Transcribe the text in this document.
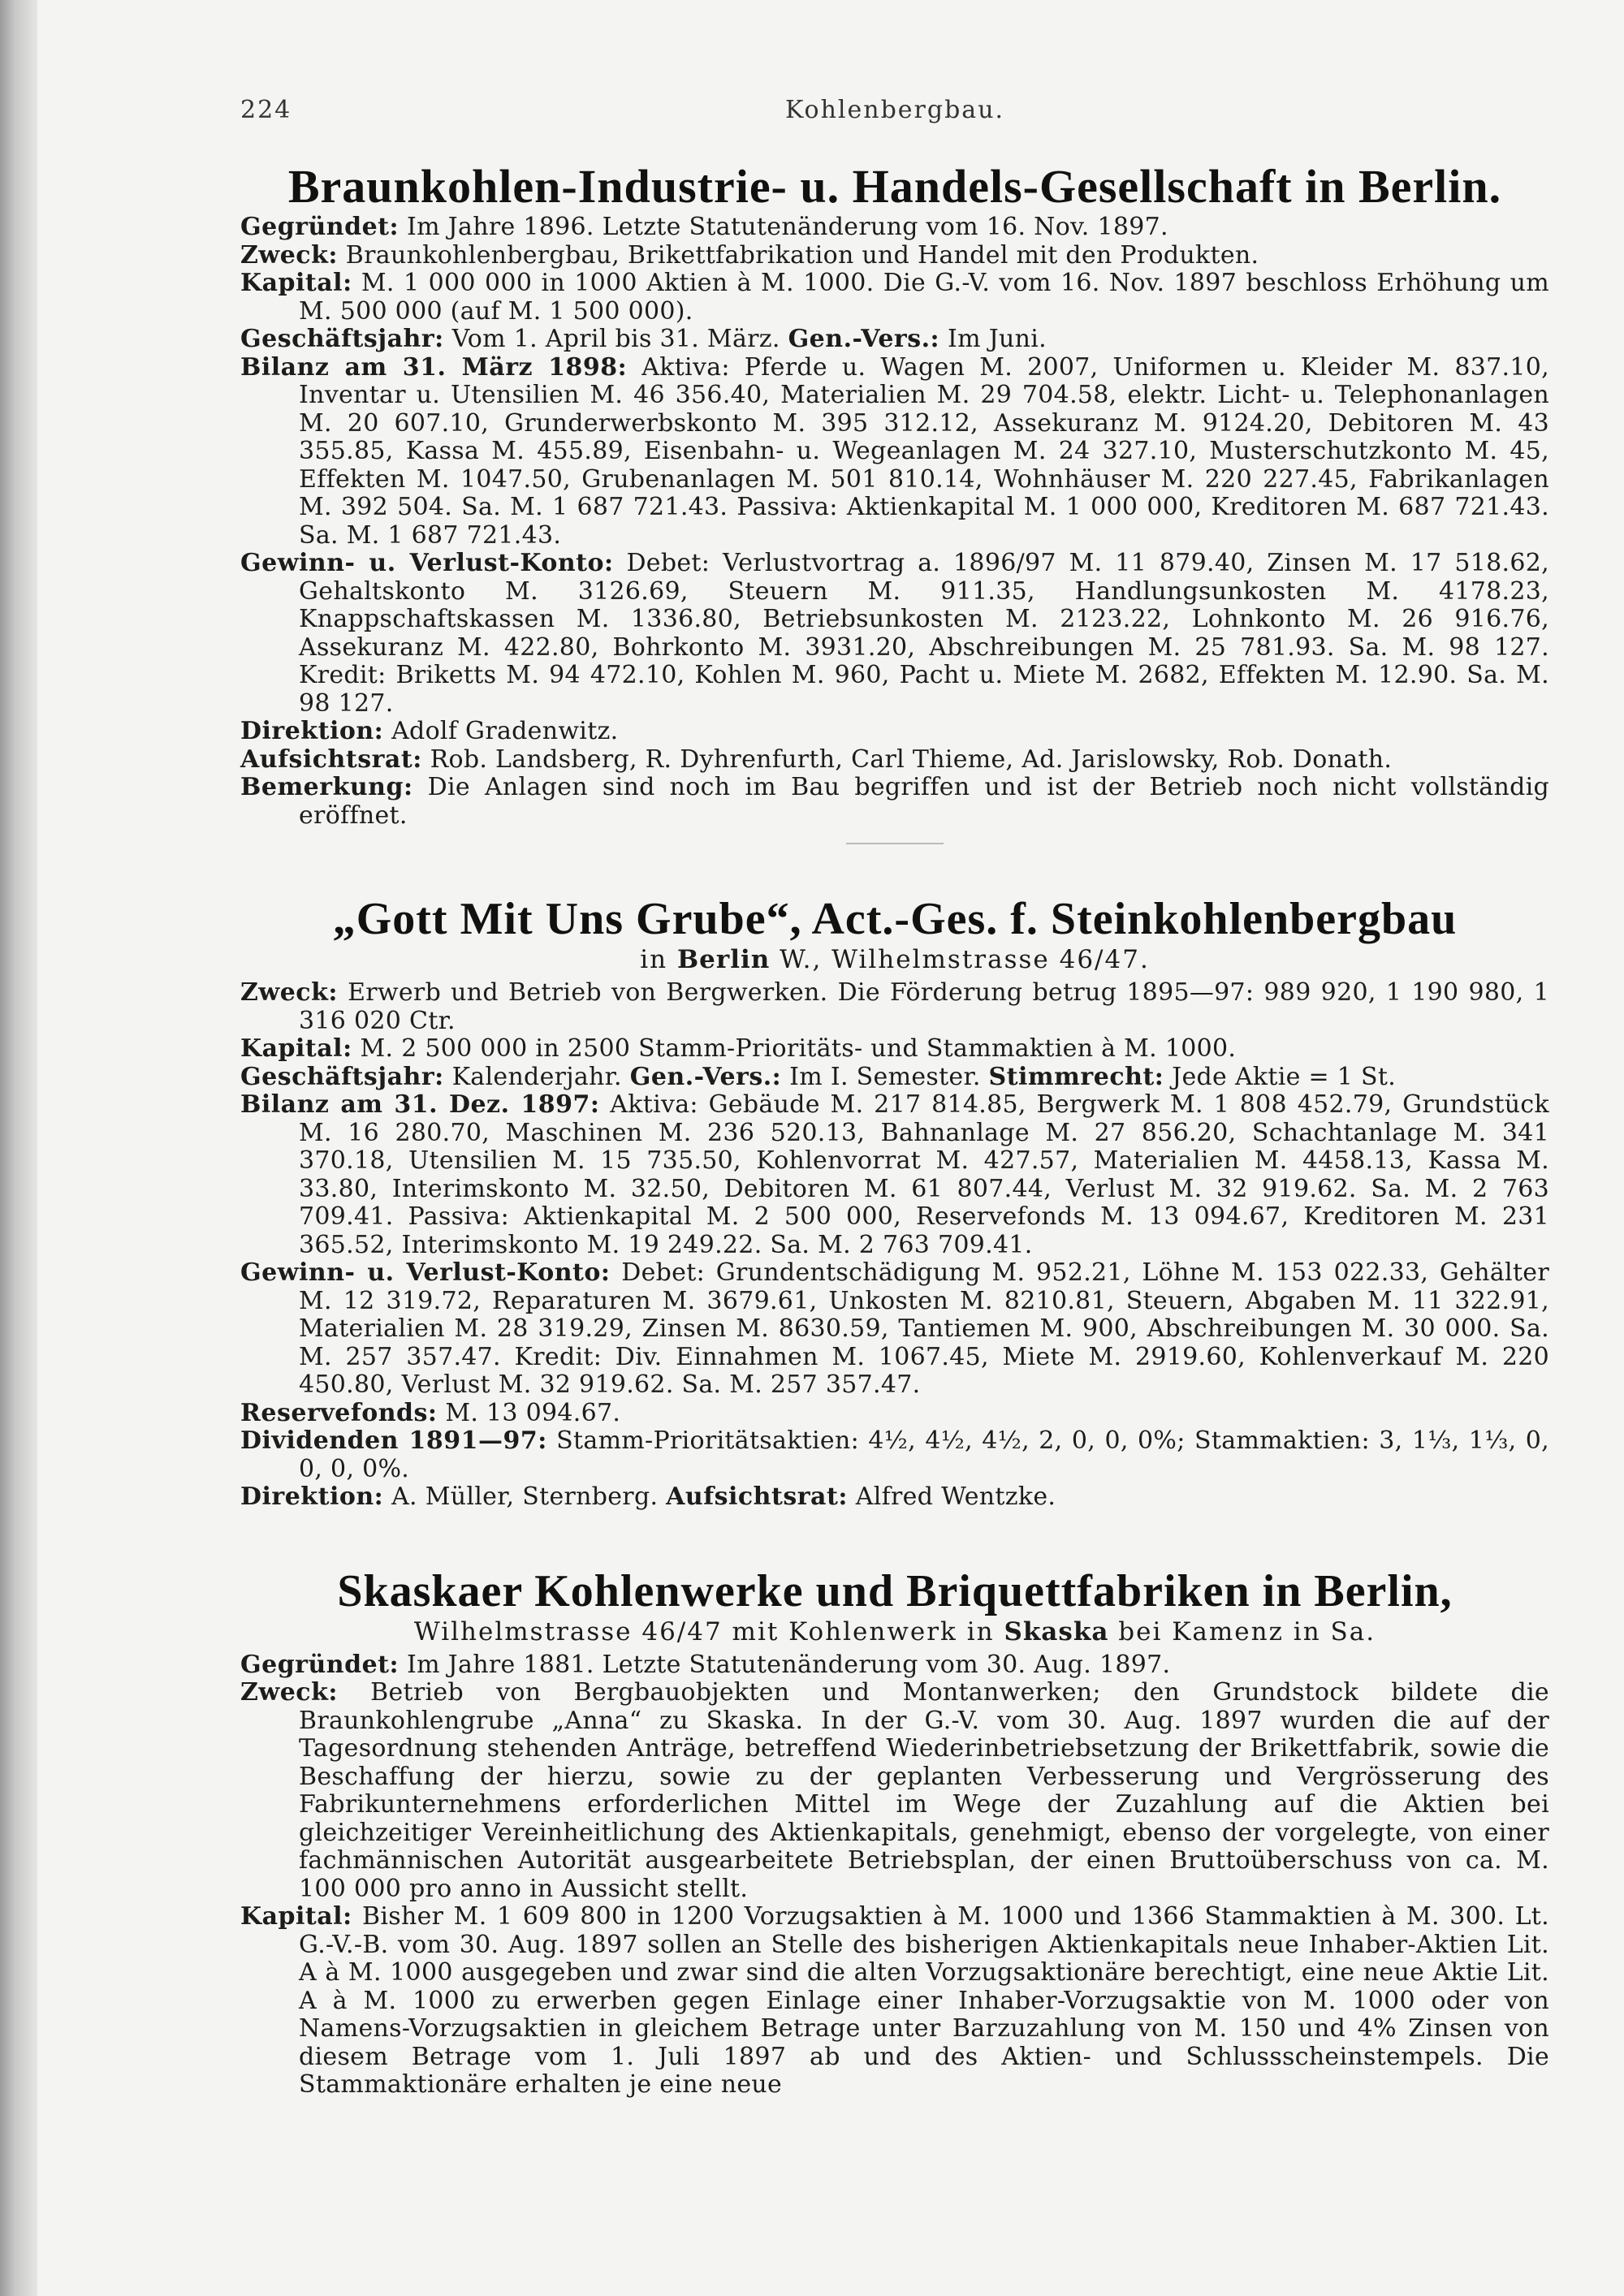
224	Kohlenbergbau.
Braunkohlen-Industrie- u. Handels-Gesellschaft in Berlin.

Gegründet: Im Jahre 1896. Letzte Statutenänderung vom 16. Nov. 1897.

Zweck: Braunkohlenbergbau, Brikettfabrikation und Handel mit den Produkten.

Kapital: M. 1 000 000 in 1000 Aktien à M. 1000. Die G.-V. vom 16. Nov. 1897 beschloss Erhöhung um M. 500 000 (auf M. 1 500 000).

Geschäftsjahr: Vom 1. April bis 31. März. Gen.-Vers.: Im Juni.

Bilanz am 31. März 1898: Aktiva: Pferde u. Wagen M. 2007, Uniformen u. Kleider M. 837.10, Inventar u. Utensilien M. 46 356.40, Materialien M. 29 704.58, elektr. Licht- u. Telephonanlagen M. 20 607.10, Grunderwerbskonto M. 395 312.12, Assekuranz M. 9124.20, Debitoren M. 43 355.85, Kassa M. 455.89, Eisenbahn- u. Wegeanlagen M. 24 327.10, Musterschutzkonto M. 45, Effekten M. 1047.50, Grubenanlagen M. 501 810.14, Wohnhäuser M. 220 227.45, Fabrikanlagen M. 392 504. Sa. M. 1 687 721.43. Passiva: Aktienkapital M. 1 000 000, Kreditoren M. 687 721.43. Sa. M. 1 687 721.43.

Gewinn- u. Verlust-Konto: Debet: Verlustvortrag a. 1896/97 M. 11 879.40, Zinsen M. 17 518.62, Gehaltskonto M. 3126.69, Steuern M. 911.35, Handlungsunkosten M. 4178.23, Knappschaftskassen M. 1336.80, Betriebsunkosten M. 2123.22, Lohnkonto M. 26 916.76, Assekuranz M. 422.80, Bohrkonto M. 3931.20, Abschreibungen M. 25 781.93. Sa. M. 98 127. Kredit: Briketts M. 94 472.10, Kohlen M. 960, Pacht u. Miete M. 2682, Effekten M. 12.90. Sa. M. 98 127.

Direktion: Adolf Gradenwitz.

Aufsichtsrat: Rob. Landsberg, R. Dyhrenfurth, Carl Thieme, Ad. Jarislowsky, Rob. Donath.

Bemerkung: Die Anlagen sind noch im Bau begriffen und ist der Betrieb noch nicht vollständig eröffnet.

„Gott Mit Uns Grube“, Act.-Ges. f. Steinkohlenbergbau

in Berlin W., Wilhelmstrasse 46/47.

Zweck: Erwerb und Betrieb von Bergwerken. Die Förderung betrug 1895—97: 989 920, 1 190 980, 1 316 020 Ctr.

Kapital: M. 2 500 000 in 2500 Stamm-Prioritäts- und Stammaktien à M. 1000.

Geschäftsjahr: Kalenderjahr. Gen.-Vers.: Im I. Semester. Stimmrecht: Jede Aktie = 1 St.

Bilanz am 31. Dez. 1897: Aktiva: Gebäude M. 217 814.85, Bergwerk M. 1 808 452.79, Grundstück M. 16 280.70, Maschinen M. 236 520.13, Bahnanlage M. 27 856.20, Schachtanlage M. 341 370.18, Utensilien M. 15 735.50, Kohlenvorrat M. 427.57, Materialien M. 4458.13, Kassa M. 33.80, Interimskonto M. 32.50, Debitoren M. 61 807.44, Verlust M. 32 919.62. Sa. M. 2 763 709.41. Passiva: Aktienkapital M. 2 500 000, Reservefonds M. 13 094.67, Kreditoren M. 231 365.52, Interimskonto M. 19 249.22. Sa. M. 2 763 709.41.

Gewinn- u. Verlust-Konto: Debet: Grundentschädigung M. 952.21, Löhne M. 153 022.33, Gehälter M. 12 319.72, Reparaturen M. 3679.61, Unkosten M. 8210.81, Steuern, Abgaben M. 11 322.91, Materialien M. 28 319.29, Zinsen M. 8630.59, Tantiemen M. 900, Abschreibungen M. 30 000. Sa. M. 257 357.47. Kredit: Div. Einnahmen M. 1067.45, Miete M. 2919.60, Kohlenverkauf M. 220 450.80, Verlust M. 32 919.62. Sa. M. 257 357.47.

Reservefonds: M. 13 094.67.

Dividenden 1891—97: Stamm-Prioritätsaktien: 4½, 4½, 4½, 2, 0, 0, 0%; Stammaktien: 3, 1⅓, 1⅓, 0, 0, 0, 0%.

Direktion: A. Müller, Sternberg. Aufsichtsrat: Alfred Wentzke.

Skaskaer Kohlenwerke und Briquettfabriken in Berlin,

Wilhelmstrasse 46/47 mit Kohlenwerk in Skaska bei Kamenz in Sa.

Gegründet: Im Jahre 1881. Letzte Statutenänderung vom 30. Aug. 1897.

Zweck: Betrieb von Bergbauobjekten und Montanwerken; den Grundstock bildete die Braunkohlengrube „Anna“ zu Skaska. In der G.-V. vom 30. Aug. 1897 wurden die auf der Tagesordnung stehenden Anträge, betreffend Wiederinbetriebsetzung der Brikettfabrik, sowie die Beschaffung der hierzu, sowie zu der geplanten Verbesserung und Vergrösserung des Fabrikunternehmens erforderlichen Mittel im Wege der Zuzahlung auf die Aktien bei gleichzeitiger Vereinheitlichung des Aktienkapitals, genehmigt, ebenso der vorgelegte, von einer fachmännischen Autorität ausgearbeitete Betriebsplan, der einen Bruttoüberschuss von ca. M. 100 000 pro anno in Aussicht stellt.

Kapital: Bisher M. 1 609 800 in 1200 Vorzugsaktien à M. 1000 und 1366 Stammaktien à M. 300. Lt. G.-V.-B. vom 30. Aug. 1897 sollen an Stelle des bisherigen Aktienkapitals neue Inhaber-Aktien Lit. A à M. 1000 ausgegeben und zwar sind die alten Vorzugsaktionäre berechtigt, eine neue Aktie Lit. A à M. 1000 zu erwerben gegen Einlage einer Inhaber-Vorzugsaktie von M. 1000 oder von Namens-Vorzugsaktien in gleichem Betrage unter Barzuzahlung von M. 150 und 4% Zinsen von diesem Betrage vom 1. Juli 1897 ab und des Aktien- und Schlussscheinstempels. Die Stammaktionäre erhalten je eine neue
